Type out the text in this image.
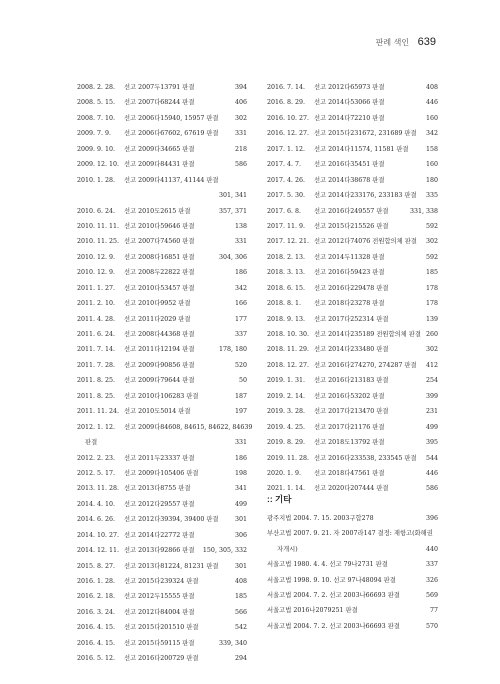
판례 색인 639
2008. 2. 28. 선고 2007두13791 판결	394
2008. 5. 15. 선고 2007다68244 판결	406
2008. 7. 10. 선고 2006다15940, 15957 판결	302
2009. 7. 9. 선고 2006다67602, 67619 판결	331
2009. 9. 10. 선고 2009다34665 판결	218
2009. 12. 10. 선고 2009다84431 판결	586
2010. 1. 28. 선고 2009다41137, 41144 판결
301, 341
2010. 6. 24. 선고 2010도2615 판결	357, 371
2010. 11. 11. 선고 2010다59646 판결	138
2010. 11. 25. 선고 2007다74560 판결	331
2010. 12. 9. 선고 2008다16851 판결	304, 306
2010. 12. 9. 선고 2008두22822 판결	186
2011. 1. 27. 선고 2010다53457 판결	342
2011. 2. 10. 선고 2010다9952 판결	166
2011. 4. 28. 선고 2011다2029 판결	177
2011. 6. 24. 선고 2008다44368 판결	337
2011. 7. 14. 선고 2011다12194 판결	178, 180
2011. 7. 28. 선고 2009다90856 판결	520
2011. 8. 25. 선고 2009다79644 판결	50
2011. 8. 25. 선고 2010다106283 판결	187
2011. 11. 24. 선고 2010도5014 판결	197
2012. 1. 12. 선고 2009다84608, 84615, 84622, 84639
판결	331
2012. 2. 23. 선고 2011두23337 판결	186
2012. 5. 17. 선고 2009다105406 판결	198
2013. 11. 28. 선고 2013다8755 판결	341
2014. 4. 10. 선고 2012다29557 판결	499
2014. 6. 26. 선고 2012다39394, 39400 판결	301
2014. 10. 27. 선고 2014다22772 판결	306
2014. 12. 11. 선고 2013다92866 판결 150, 305, 332
2015. 8. 27. 선고 2013다81224, 81231 판결	301
2016. 1. 28. 선고 2015다239324 판결	408
2016. 2. 18. 선고 2012두15555 판결	185
2016. 3. 24. 선고 2012다84004 판결	566
2016. 4. 15. 선고 2015다201510 판결	542
2016. 4. 15. 선고 2015다59115 판결	339, 340
2016. 5. 12. 선고 2016다200729 판결	294
2016. 7. 14. 선고 2012다65973 판결	408
2016. 8. 29. 선고 2014다53066 판결	446
2016. 10. 27. 선고 2014다72210 판결	160
2016. 12. 27. 선고 2015다231672, 231689 판결 342
2017. 1. 12. 선고 2014다11574, 11581 판결	158
2017. 4. 7. 선고 2016다35451 판결	160
2017. 4. 26. 선고 2014다38678 판결	180
2017. 5. 30. 선고 2014다233176, 233183 판결 335
2017. 6. 8. 선고 2016다249557 판결	331, 338
2017. 11. 9. 선고 2015다215526 판결	592
2017. 12. 21. 선고 2012다74076 전원합의체 판결 302
2018. 2. 13. 선고 2014두11328 판결	592
2018. 3. 13. 선고 2016다59423 판결	185
2018. 6. 15. 선고 2016다229478 판결	178
2018. 8. 1. 선고 2018다23278 판결	178
2018. 9. 13. 선고 2017다252314 판결	139
2018. 10. 30. 선고 2014다235189 전원합의체 판결 260
2018. 11. 29. 선고 2014다233480 판결	302
2018. 12. 27. 선고 2016다274270, 274287 판결 412
2019. 1. 31. 선고 2016다213183 판결	254
2019. 2. 14. 선고 2016다53202 판결	399
2019. 3. 28. 선고 2017다213470 판결	231
2019. 4. 25. 선고 2017다21176 판결	499
2019. 8. 29. 선고 2018도13792 판결	395
2019. 11. 28. 선고 2016다233538, 233545 판결 544
2020. 1. 9. 선고 2018다47561 판결	446
2021. 1. 14. 선고 2020다207444 판결	586
:: 기타
광주지법 2004. 7. 15. 2003구합278	396
부산고법 2007. 9. 21. 자 2007라147 결정: 재항고(화해권
자개시)	440
서울고법 1980. 4. 4. 선고 79나2731 판결	337
서울고법 1998. 9. 10. 선고 97나48094 판결	326
서울고법 2004. 7. 2. 선고 2003나66693 판결	569
서울고법 2016나2079251 판결	77
서울고법 2004. 7. 2. 선고 2003나66693 판결	570
